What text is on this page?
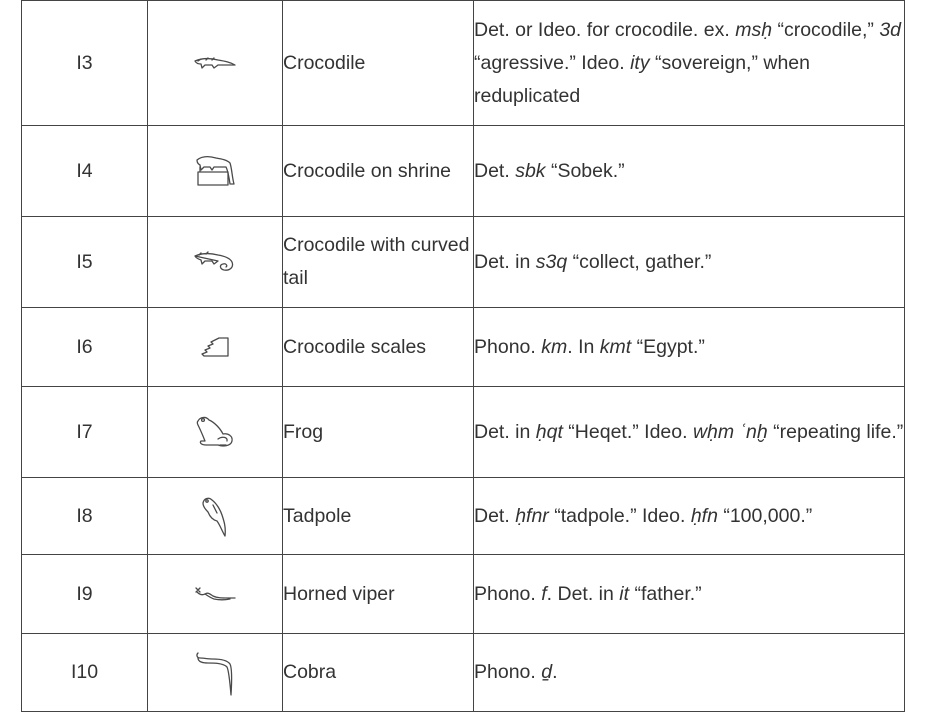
I3		Crocodile	Det. or Ideo. for crocodile. ex. msḥ “crocodile,” 3d “agressive.” Ideo. ity “sovereign,” when reduplicated
I4		Crocodile on shrine	Det. sbk “Sobek.”
I5		Crocodile with curved tail	Det. in s3q “collect, gather.”
I6		Crocodile scales	Phono. km. In kmt “Egypt.”
I7		Frog	Det. in ḥqt “Heqet.” Ideo. wḥm ʿnḫ “repeating life.”
I8		Tadpole	Det. ḥfnr “tadpole.” Ideo. ḥfn “100,000.”
I9		Horned viper	Phono. f. Det. in it “father.”
I10		Cobra	Phono. ḏ.
